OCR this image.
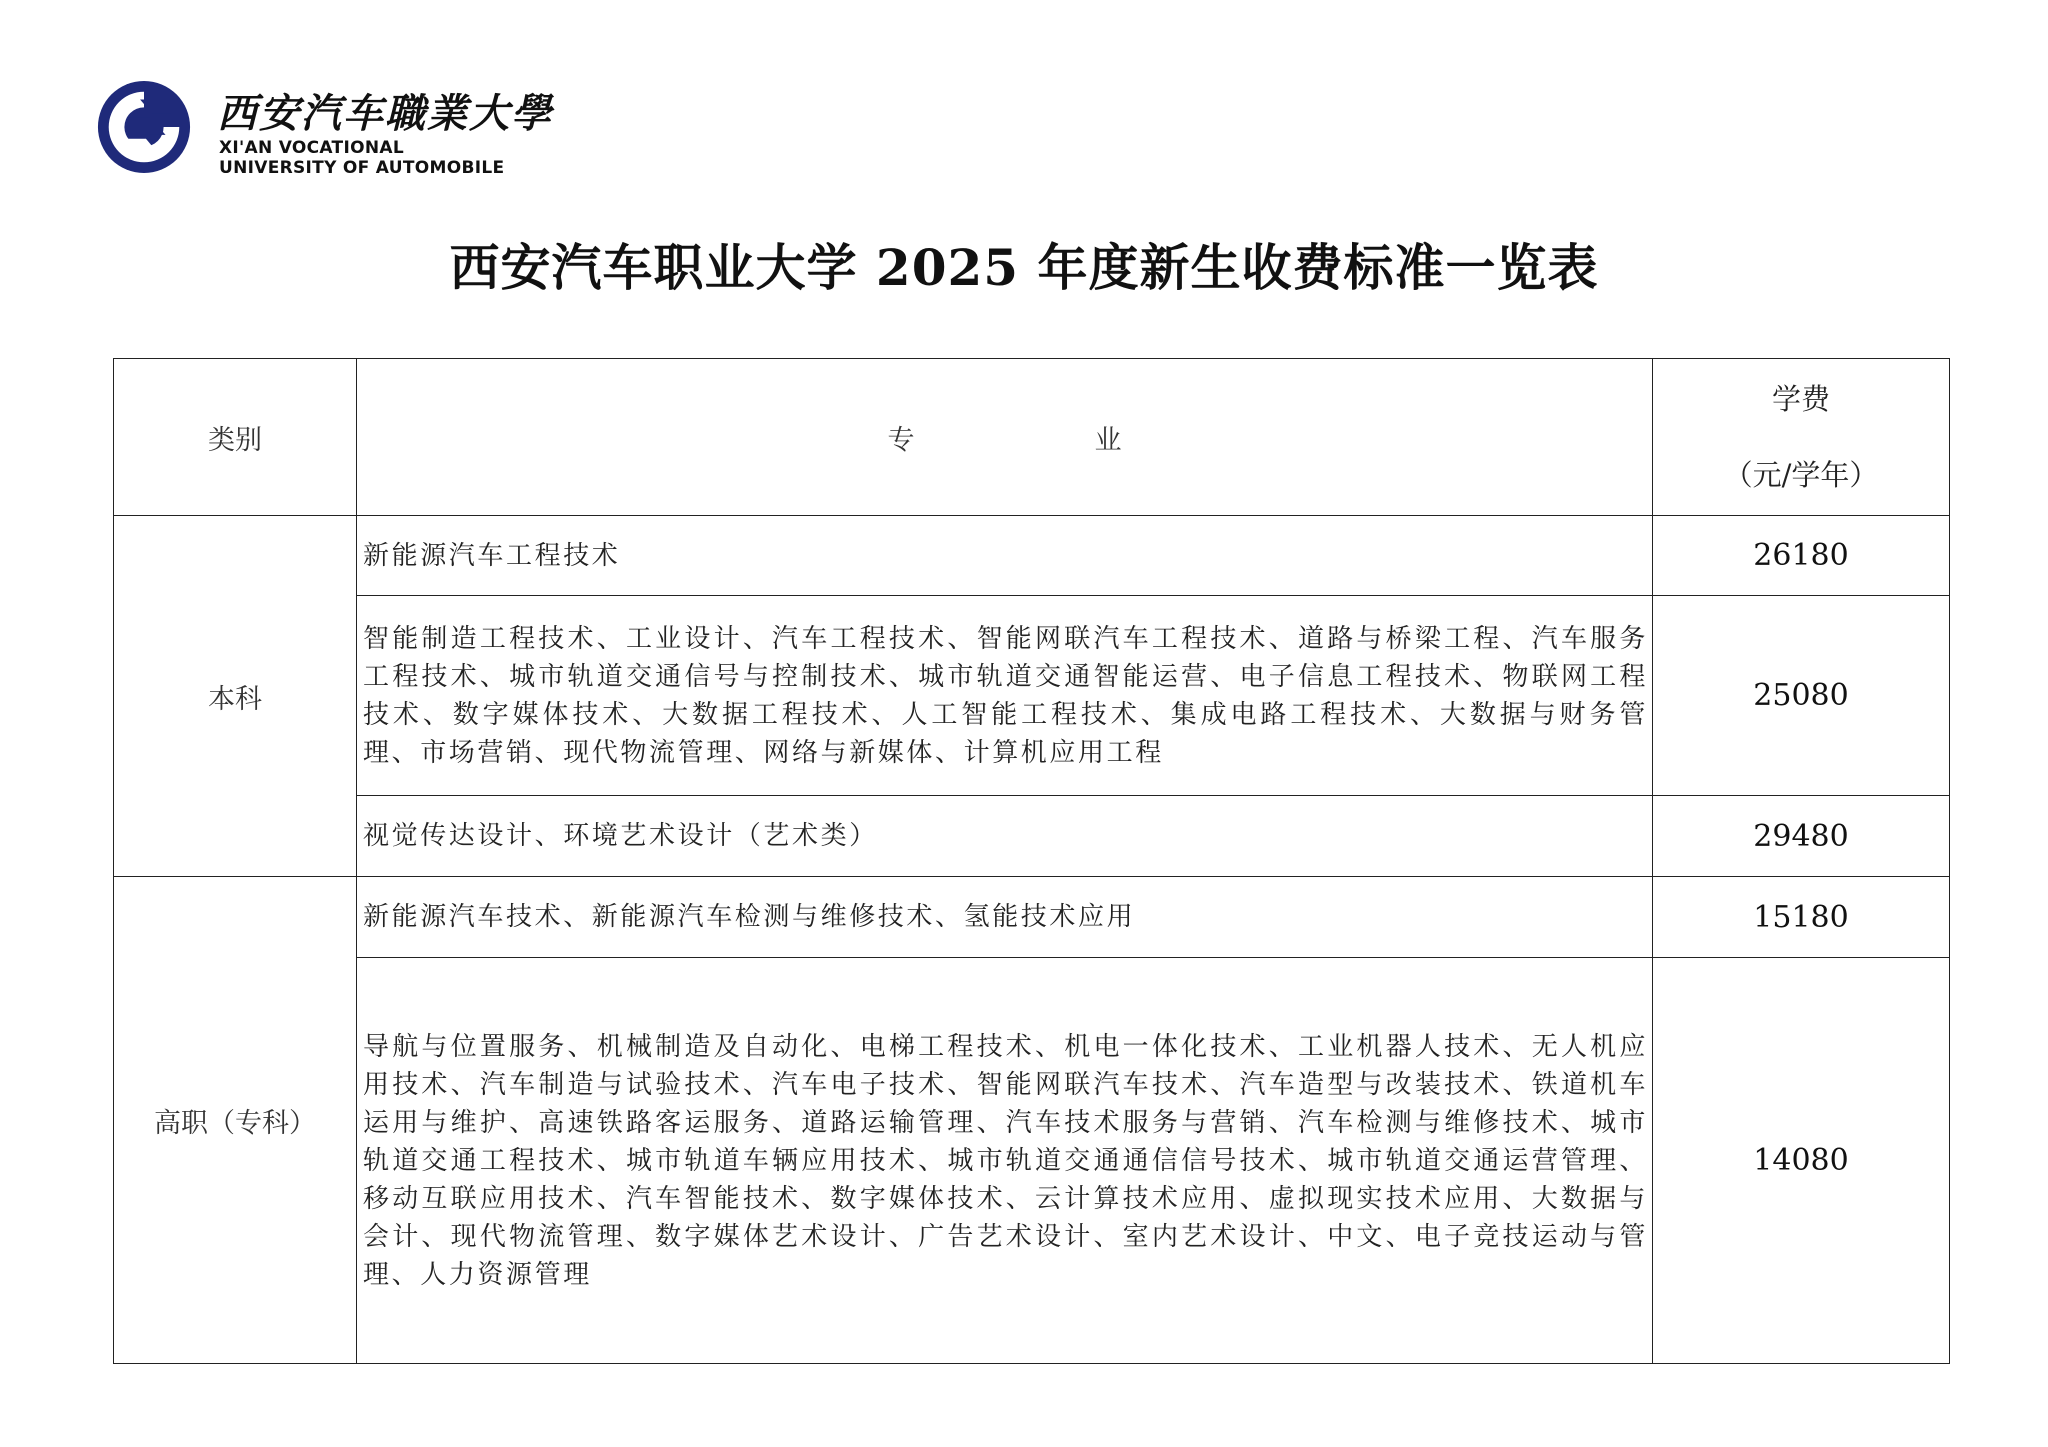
西安汽车職業大學
XI'AN VOCATIONAL
UNIVERSITY OF AUTOMOBILE
西安汽车职业大学 2025 年度新生收费标准一览表
类别	专 业	学费
（元/学年）

本科	新能源汽车工程技术	26180
	智能制造工程技术、工业设计、汽车工程技术、智能网联汽车工程技术、道路与桥梁工程、汽车服务工程技术、城市轨道交通信号与控制技术、城市轨道交通智能运营、电子信息工程技术、物联网工程技术、数字媒体技术、大数据工程技术、人工智能工程技术、集成电路工程技术、大数据与财务管理、市场营销、现代物流管理、网络与新媒体、计算机应用工程	25080
	视觉传达设计、环境艺术设计（艺术类）	29480
高职（专科）	新能源汽车技术、新能源汽车检测与维修技术、氢能技术应用	15180
	导航与位置服务、机械制造及自动化、电梯工程技术、机电一体化技术、工业机器人技术、无人机应用技术、汽车制造与试验技术、汽车电子技术、智能网联汽车技术、汽车造型与改装技术、铁道机车运用与维护、高速铁路客运服务、道路运输管理、汽车技术服务与营销、汽车检测与维修技术、城市轨道交通工程技术、城市轨道车辆应用技术、城市轨道交通通信信号技术、城市轨道交通运营管理、移动互联应用技术、汽车智能技术、数字媒体技术、云计算技术应用、虚拟现实技术应用、大数据与会计、现代物流管理、数字媒体艺术设计、广告艺术设计、室内艺术设计、中文、电子竞技运动与管理、人力资源管理	14080
